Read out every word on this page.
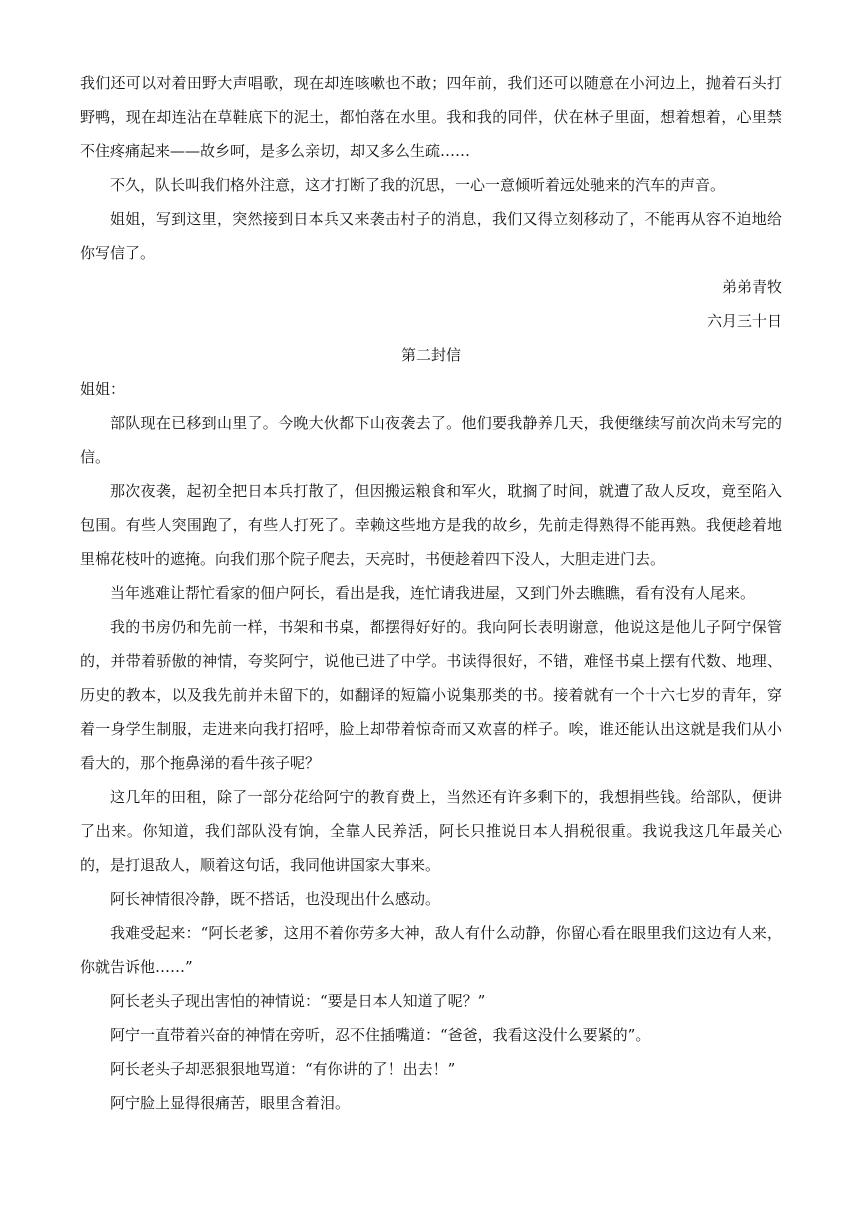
我们还可以对着田野大声唱歌，现在却连咳嗽也不敢；四年前，我们还可以随意在小河边上，抛着石头打野鸭，现在却连沾在草鞋底下的泥土，都怕落在水里。我和我的同伴，伏在林子里面，想着想着，心里禁不住疼痛起来——故乡呵，是多么亲切，却又多么生疏……

不久，队长叫我们格外注意，这才打断了我的沉思，一心一意倾听着远处驰来的汽车的声音。

姐姐，写到这里，突然接到日本兵又来袭击村子的消息，我们又得立刻移动了，不能再从容不迫地给你写信了。

弟弟青牧

六月三十日

第二封信

姐姐：

部队现在已移到山里了。今晚大伙都下山夜袭去了。他们要我静养几天，我便继续写前次尚未写完的信。

那次夜袭，起初全把日本兵打散了，但因搬运粮食和军火，耽搁了时间，就遭了敌人反攻，竟至陷入包围。有些人突围跑了，有些人打死了。幸赖这些地方是我的故乡，先前走得熟得不能再熟。我便趁着地里棉花枝叶的遮掩。向我们那个院子爬去，天亮时，书便趁着四下没人，大胆走进门去。

当年逃难让帮忙看家的佃户阿长，看出是我，连忙请我进屋，又到门外去瞧瞧，看有没有人尾来。

我的书房仍和先前一样，书架和书桌，都摆得好好的。我向阿长表明谢意，他说这是他儿子阿宁保管的，并带着骄傲的神情，夸奖阿宁，说他已进了中学。书读得很好，不错，难怪书桌上摆有代数、地理、历史的教本，以及我先前并未留下的，如翻译的短篇小说集那类的书。接着就有一个十六七岁的青年，穿着一身学生制服，走进来向我打招呼，脸上却带着惊奇而又欢喜的样子。唉，谁还能认出这就是我们从小看大的，那个拖鼻涕的看牛孩子呢？

这几年的田租，除了一部分花给阿宁的教育费上，当然还有许多剩下的，我想捐些钱。给部队，便讲了出来。你知道，我们部队没有饷，全靠人民养活，阿长只推说日本人捐税很重。我说我这几年最关心的，是打退敌人，顺着这句话，我同他讲国家大事来。

阿长神情很冷静，既不搭话，也没现出什么感动。

我难受起来：“阿长老爹，这用不着你劳多大神，敌人有什么动静，你留心看在眼里我们这边有人来，你就告诉他……”

阿长老头子现出害怕的神情说：“要是日本人知道了呢？”

阿宁一直带着兴奋的神情在旁听，忍不住插嘴道：“爸爸，我看这没什么要紧的”。

阿长老头子却恶狠狠地骂道：“有你讲的了！出去！”

阿宁脸上显得很痛苦，眼里含着泪。
